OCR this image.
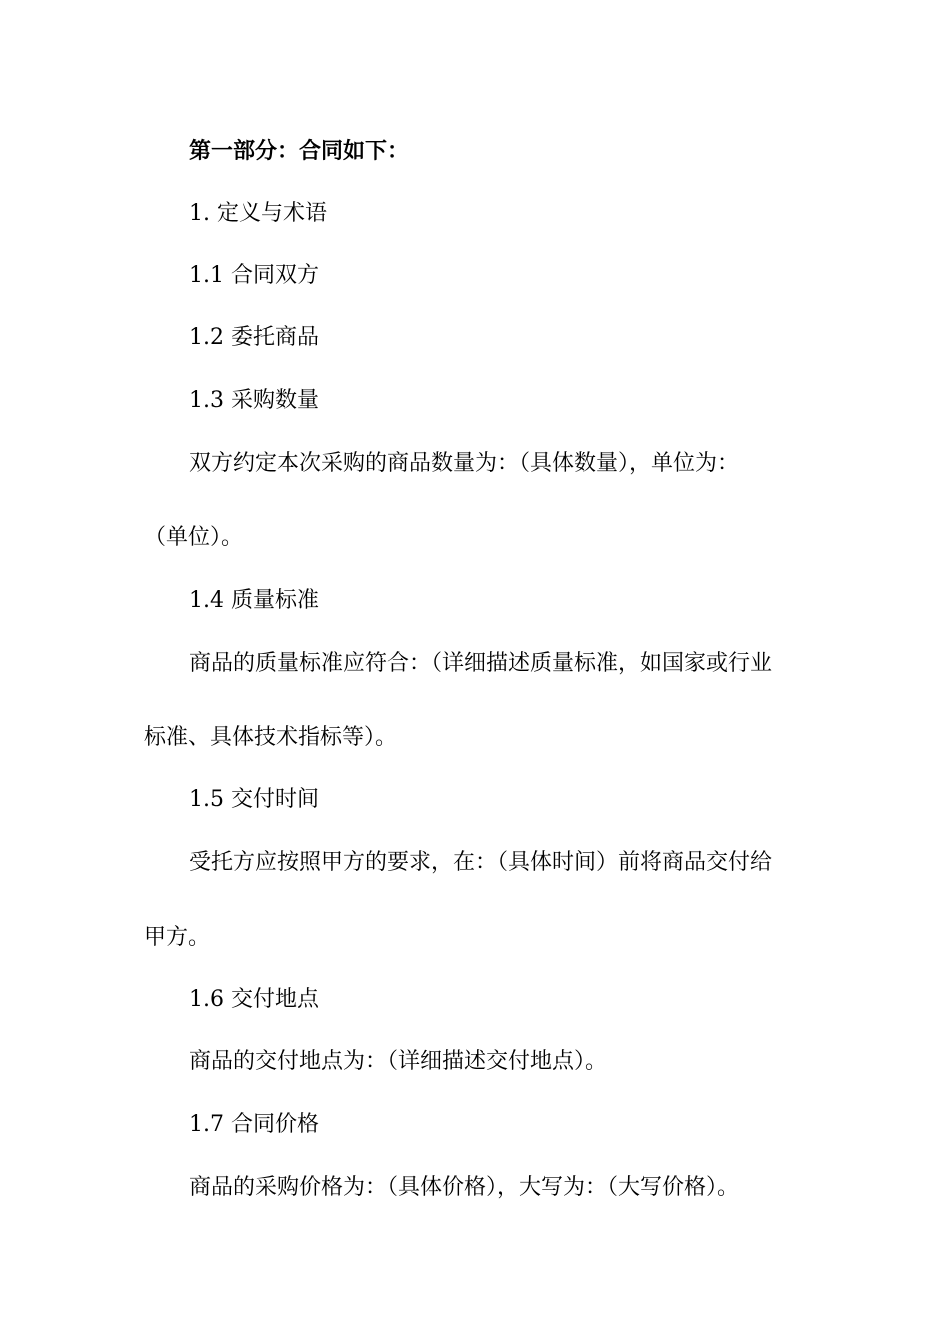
第一部分：合同如下：
1. 定义与术语
1.1 合同双方
1.2 委托商品
1.3 采购数量
双方约定本次采购的商品数量为：（具体数量），单位为：
（单位）。
1.4 质量标准
商品的质量标准应符合：（详细描述质量标准，如国家或行业
标准、具体技术指标等）。
1.5 交付时间
受托方应按照甲方的要求，在：（具体时间）前将商品交付给
甲方。
1.6 交付地点
商品的交付地点为：（详细描述交付地点）。
1.7 合同价格
商品的采购价格为：（具体价格），大写为：（大写价格）。
